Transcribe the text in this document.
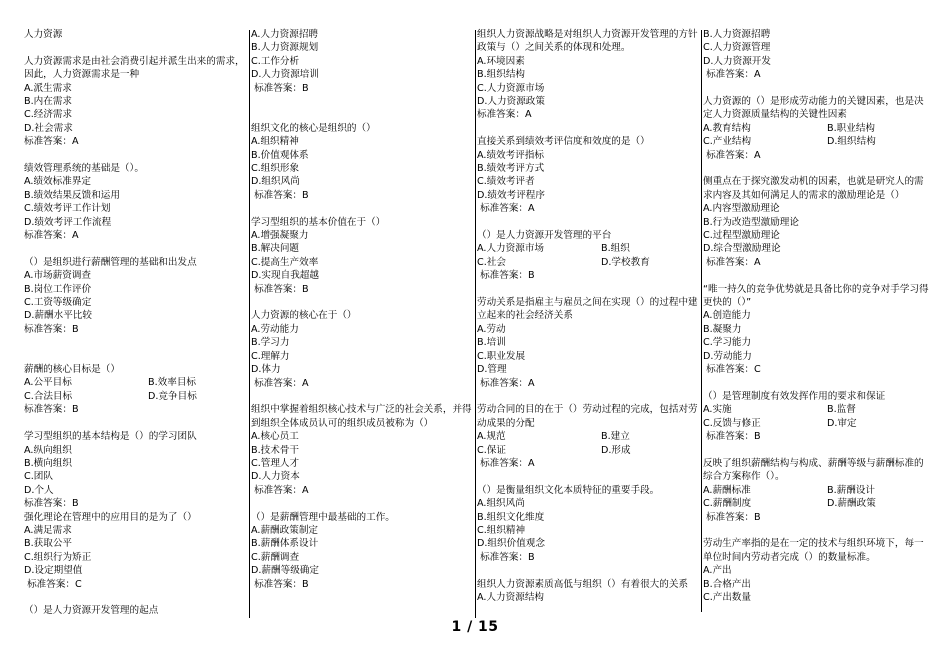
人力资源
人力资源需求是由社会消费引起并派生出来的需求，因此，人力资源需求是一种
A.派生需求
B.内在需求
C.经济需求
D.社会需求
标准答案：A
绩效管理系统的基础是（）。
A.绩效标准界定
B.绩效结果反馈和运用
C.绩效考评工作计划
D.绩效考评工作流程
标准答案：A
（）是组织进行薪酬管理的基础和出发点
A.市场薪资调查
B.岗位工作评价
C.工资等级确定
D.薪酬水平比较
标准答案：B
薪酬的核心目标是（）
A.公平目标	B.效率目标
C.合法目标	D.竞争目标
标准答案：B
学习型组织的基本结构是（）的学习团队
A.纵向组织
B.横向组织
C.团队
D.个人
标准答案：B
强化理论在管理中的应用目的是为了（）
A.满足需求
B.获取公平
C.组织行为矫正
D.设定期望值
标准答案：C
（）是人力资源开发管理的起点
A.人力资源招聘
B.人力资源规划
C.工作分析
D.人力资源培训
标准答案：B
组织文化的核心是组织的（）
A.组织精神
B.价值观体系
C.组织形象
D.组织风尚
标准答案：B
学习型组织的基本价值在于（）
A.增强凝聚力
B.解决问题
C.提高生产效率
D.实现自我超越
标准答案：B
人力资源的核心在于（）
A.劳动能力
B.学习力
C.理解力
D.体力
标准答案：A
组织中掌握着组织核心技术与广泛的社会关系，并得到组织全体成员认可的组织成员被称为（）
A.核心员工
B.技术骨干
C.管理人才
D.人力资本
标准答案：A
（）是薪酬管理中最基础的工作。
A.薪酬政策制定
B.薪酬体系设计
C.薪酬调查
D.薪酬等级确定
标准答案：B
组织人力资源战略是对组织人力资源开发管理的方针政策与（）之间关系的体现和处理。
A.环境因素
B.组织结构
C.人力资源市场
D.人力资源政策
标准答案：A
直接关系到绩效考评信度和效度的是（）
A.绩效考评指标
B.绩效考评方式
C.绩效考评者
D.绩效考评程序
标准答案：A
（）是人力资源开发管理的平台
A.人力资源市场	B.组织
C.社会	D.学校教育
标准答案：B
劳动关系是指雇主与雇员之间在实现（）的过程中建立起来的社会经济关系
A.劳动
B.培训
C.职业发展
D.管理
标准答案：A
劳动合同的目的在于（）劳动过程的完成，包括对劳动成果的分配
A.规范	B.建立
C.保证	D.形成
标准答案：A
（）是衡量组织文化本质特征的重要手段。
A.组织风尚
B.组织文化维度
C.组织精神
D.组织价值观念
标准答案：B
组织人力资源素质高低与组织（）有着很大的关系
A.人力资源结构
B.人力资源招聘
C.人力资源管理
D.人力资源开发
标准答案：A
人力资源的（）是形成劳动能力的关键因素，也是决定人力资源质量结构的关键性因素
A.教育结构	B.职业结构
C.产业结构	D.组织结构
标准答案：A
侧重点在于探究激发动机的因素，也就是研究人的需求内容及其如何满足人的需求的激励理论是（）
A.内容型激励理论
B.行为改造型激励理论
C.过程型激励理论
D.综合型激励理论
标准答案：A
“唯一持久的竞争优势就是具备比你的竞争对手学习得更快的（）”
A.创造能力
B.凝聚力
C.学习能力
D.劳动能力
标准答案：C
（）是管理制度有效发挥作用的要求和保证
A.实施	B.监督
C.反馈与修正	D.审定
标准答案：B
反映了组织薪酬结构与构成、薪酬等级与薪酬标准的综合方案称作（）。
A.薪酬标准	B.薪酬设计
C.薪酬制度	D.薪酬政策
标准答案：B
劳动生产率指的是在一定的技术与组织环境下，每一单位时间内劳动者完成（）的数量标准。
A.产出
B.合格产出
C.产出数量
1 / 15
